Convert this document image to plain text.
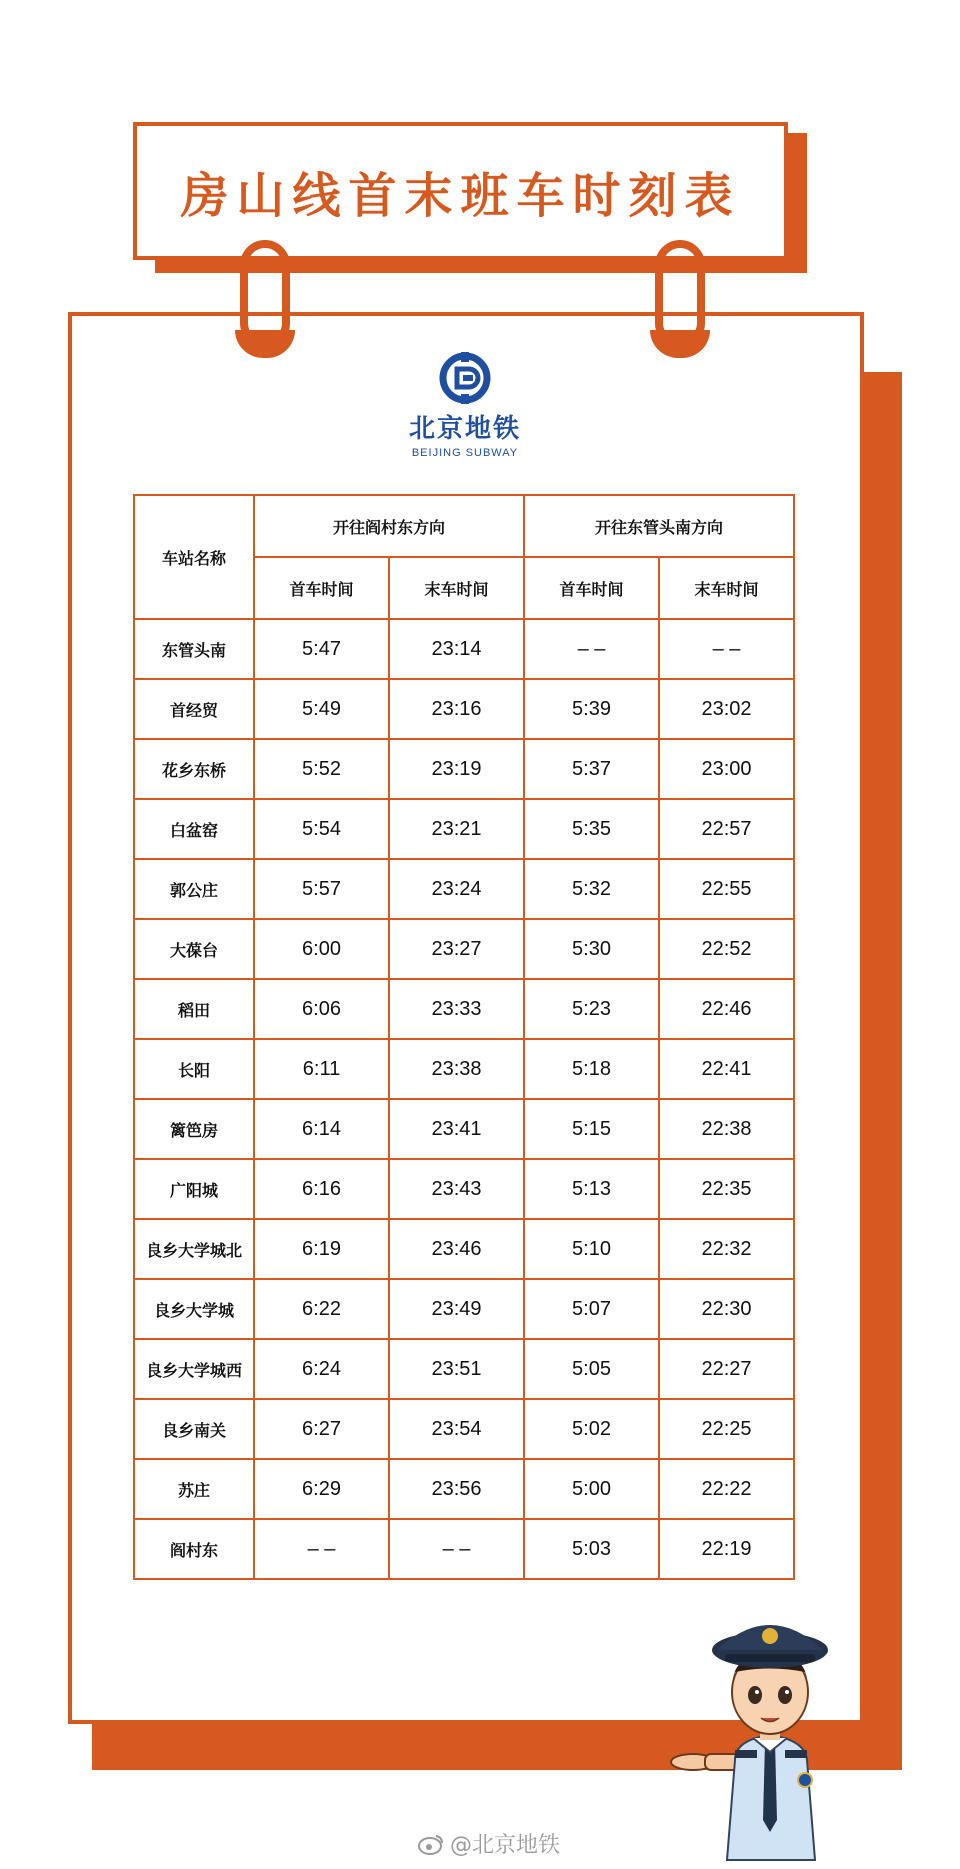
房山线首末班车时刻表
北京地铁
BEIJING SUBWAY
车站名称	开往阎村东方向		开往东管头南方向	
	首车时间	末车时间	首车时间	末车时间
东管头南	5:47	23:14	– –	– –
首经贸	5:49	23:16	5:39	23:02
花乡东桥	5:52	23:19	5:37	23:00
白盆窑	5:54	23:21	5:35	22:57
郭公庄	5:57	23:24	5:32	22:55
大葆台	6:00	23:27	5:30	22:52
稻田	6:06	23:33	5:23	22:46
长阳	6:11	23:38	5:18	22:41
篱笆房	6:14	23:41	5:15	22:38
广阳城	6:16	23:43	5:13	22:35
良乡大学城北	6:19	23:46	5:10	22:32
良乡大学城	6:22	23:49	5:07	22:30
良乡大学城西	6:24	23:51	5:05	22:27
良乡南关	6:27	23:54	5:02	22:25
苏庄	6:29	23:56	5:00	22:22
阎村东	– –	– –	5:03	22:19
@北京地铁
